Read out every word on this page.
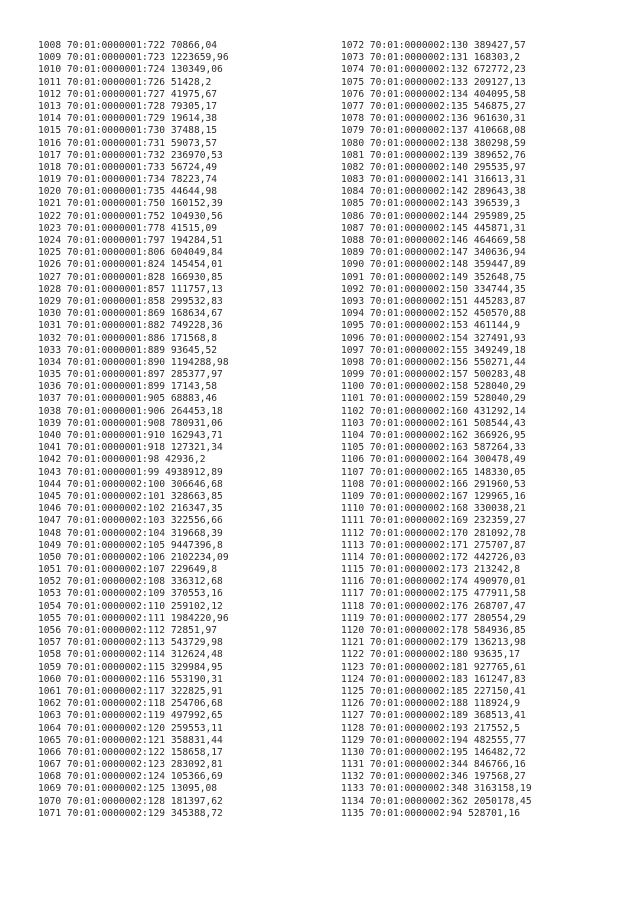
1008 70:01:0000001:722 70866,04
1009 70:01:0000001:723 1223659,96
1010 70:01:0000001:724 130349,06
1011 70:01:0000001:726 51428,2
1012 70:01:0000001:727 41975,67
1013 70:01:0000001:728 79305,17
1014 70:01:0000001:729 19614,38
1015 70:01:0000001:730 37488,15
1016 70:01:0000001:731 59073,57
1017 70:01:0000001:732 236970,53
1018 70:01:0000001:733 56724,49
1019 70:01:0000001:734 78223,74
1020 70:01:0000001:735 44644,98
1021 70:01:0000001:750 160152,39
1022 70:01:0000001:752 104930,56
1023 70:01:0000001:778 41515,09
1024 70:01:0000001:797 194284,51
1025 70:01:0000001:806 604049,84
1026 70:01:0000001:824 145454,01
1027 70:01:0000001:828 166930,85
1028 70:01:0000001:857 111757,13
1029 70:01:0000001:858 299532,83
1030 70:01:0000001:869 168634,67
1031 70:01:0000001:882 749228,36
1032 70:01:0000001:886 171568,8
1033 70:01:0000001:889 93645,52
1034 70:01:0000001:890 1194288,98
1035 70:01:0000001:897 285377,97
1036 70:01:0000001:899 17143,58
1037 70:01:0000001:905 68883,46
1038 70:01:0000001:906 264453,18
1039 70:01:0000001:908 780931,06
1040 70:01:0000001:910 162943,71
1041 70:01:0000001:918 127321,34
1042 70:01:0000001:98 42936,2
1043 70:01:0000001:99 4938912,89
1044 70:01:0000002:100 306646,68
1045 70:01:0000002:101 328663,85
1046 70:01:0000002:102 216347,35
1047 70:01:0000002:103 322556,66
1048 70:01:0000002:104 319668,39
1049 70:01:0000002:105 9447396,8
1050 70:01:0000002:106 2102234,09
1051 70:01:0000002:107 229649,8
1052 70:01:0000002:108 336312,68
1053 70:01:0000002:109 370553,16
1054 70:01:0000002:110 259102,12
1055 70:01:0000002:111 1984220,96
1056 70:01:0000002:112 72851,97
1057 70:01:0000002:113 543729,98
1058 70:01:0000002:114 312624,48
1059 70:01:0000002:115 329984,95
1060 70:01:0000002:116 553190,31
1061 70:01:0000002:117 322825,91
1062 70:01:0000002:118 254706,68
1063 70:01:0000002:119 497992,65
1064 70:01:0000002:120 259553,11
1065 70:01:0000002:121 358831,44
1066 70:01:0000002:122 158658,17
1067 70:01:0000002:123 283092,81
1068 70:01:0000002:124 105366,69
1069 70:01:0000002:125 13095,08
1070 70:01:0000002:128 181397,62
1071 70:01:0000002:129 345388,72
1072 70:01:0000002:130 389427,57
1073 70:01:0000002:131 168303,2
1074 70:01:0000002:132 672772,23
1075 70:01:0000002:133 209127,13
1076 70:01:0000002:134 404095,58
1077 70:01:0000002:135 546875,27
1078 70:01:0000002:136 961630,31
1079 70:01:0000002:137 410668,08
1080 70:01:0000002:138 380298,59
1081 70:01:0000002:139 389652,76
1082 70:01:0000002:140 295535,97
1083 70:01:0000002:141 316613,31
1084 70:01:0000002:142 289643,38
1085 70:01:0000002:143 396539,3
1086 70:01:0000002:144 295989,25
1087 70:01:0000002:145 445871,31
1088 70:01:0000002:146 464669,58
1089 70:01:0000002:147 340636,94
1090 70:01:0000002:148 359447,89
1091 70:01:0000002:149 352648,75
1092 70:01:0000002:150 334744,35
1093 70:01:0000002:151 445283,87
1094 70:01:0000002:152 450570,88
1095 70:01:0000002:153 461144,9
1096 70:01:0000002:154 327491,93
1097 70:01:0000002:155 349249,18
1098 70:01:0000002:156 550271,44
1099 70:01:0000002:157 500283,48
1100 70:01:0000002:158 528040,29
1101 70:01:0000002:159 528040,29
1102 70:01:0000002:160 431292,14
1103 70:01:0000002:161 508544,43
1104 70:01:0000002:162 366926,95
1105 70:01:0000002:163 587264,33
1106 70:01:0000002:164 300478,49
1107 70:01:0000002:165 148330,05
1108 70:01:0000002:166 291960,53
1109 70:01:0000002:167 129965,16
1110 70:01:0000002:168 330038,21
1111 70:01:0000002:169 232359,27
1112 70:01:0000002:170 281092,78
1113 70:01:0000002:171 275707,87
1114 70:01:0000002:172 442726,03
1115 70:01:0000002:173 213242,8
1116 70:01:0000002:174 490970,01
1117 70:01:0000002:175 477911,58
1118 70:01:0000002:176 268707,47
1119 70:01:0000002:177 280554,29
1120 70:01:0000002:178 584936,85
1121 70:01:0000002:179 136213,98
1122 70:01:0000002:180 93635,17
1123 70:01:0000002:181 927765,61
1124 70:01:0000002:183 161247,83
1125 70:01:0000002:185 227150,41
1126 70:01:0000002:188 118924,9
1127 70:01:0000002:189 368513,41
1128 70:01:0000002:193 217552,5
1129 70:01:0000002:194 482555,77
1130 70:01:0000002:195 146482,72
1131 70:01:0000002:344 846766,16
1132 70:01:0000002:346 197568,27
1133 70:01:0000002:348 3163158,19
1134 70:01:0000002:362 2050178,45
1135 70:01:0000002:94 528701,16
